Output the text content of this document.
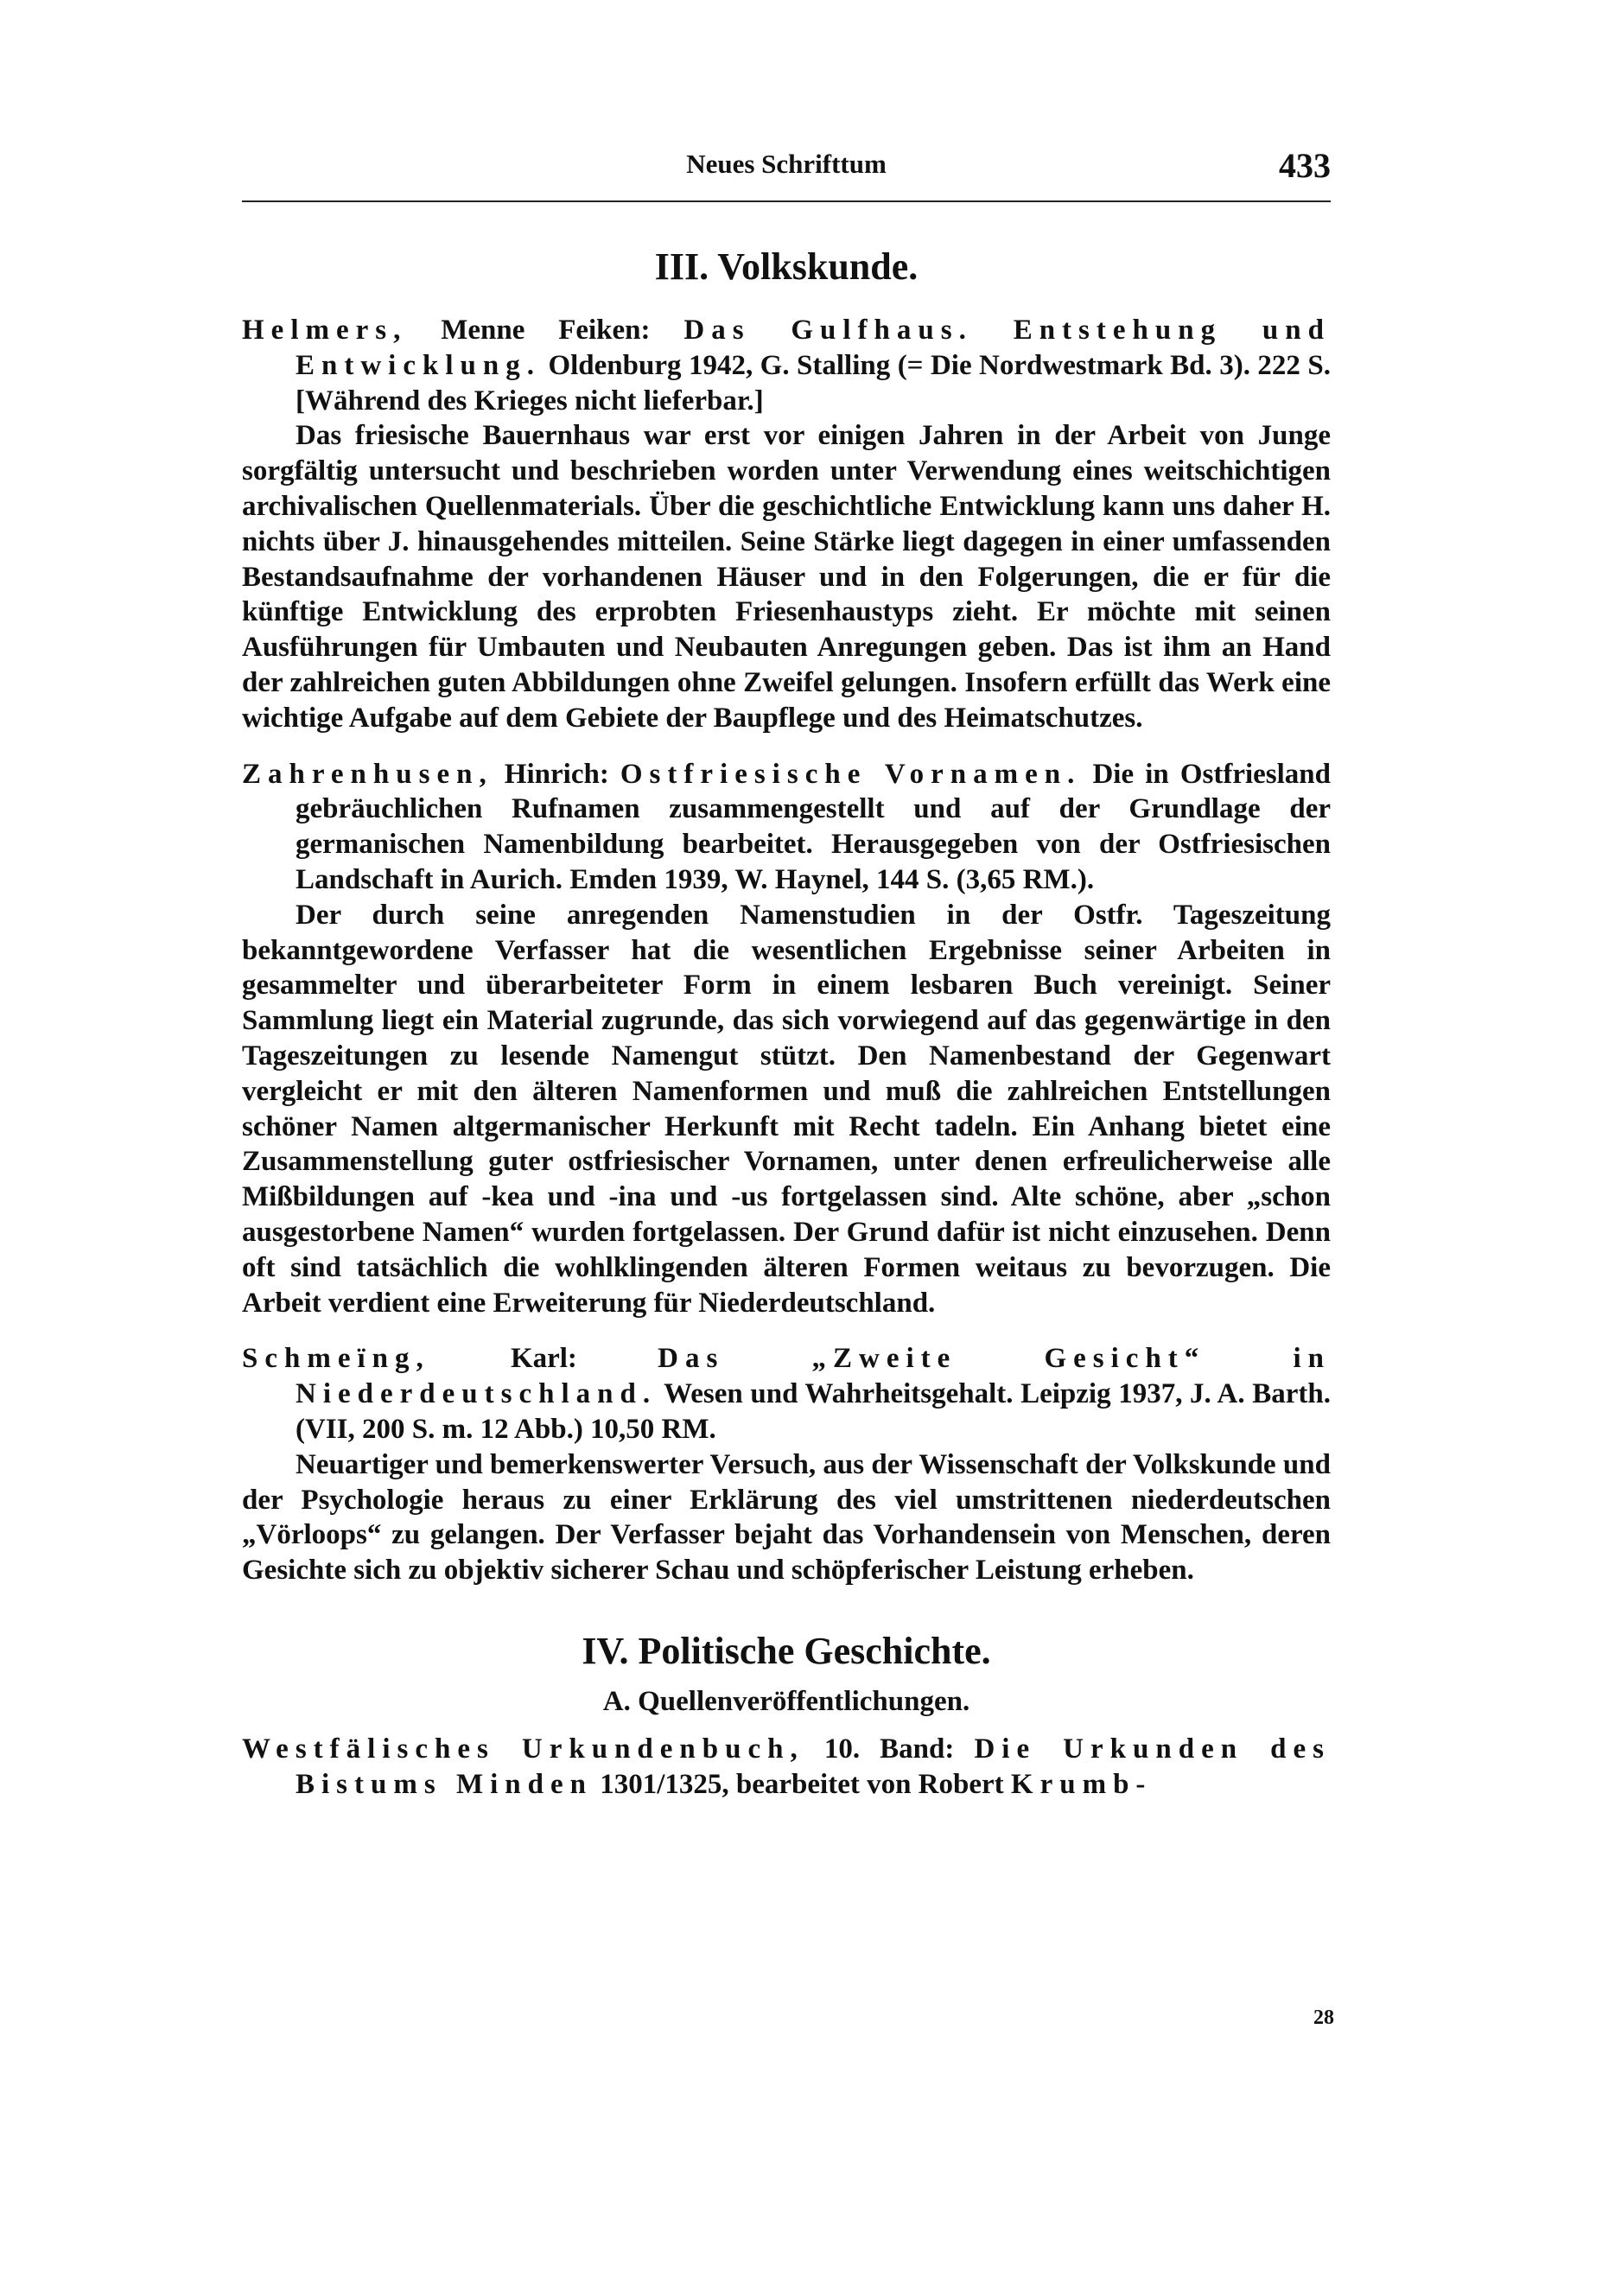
Neues Schrifttum	433
III. Volkskunde.

Helmers, Menne Feiken: Das Gulfhaus. Entstehung und Entwicklung. Oldenburg 1942, G. Stalling (= Die Nordwestmark Bd. 3). 222 S. [Während des Krieges nicht lieferbar.]

Das friesische Bauernhaus war erst vor einigen Jahren in der Arbeit von Junge sorgfältig untersucht und beschrieben worden unter Verwendung eines weitschichtigen archivalischen Quellenmaterials. Über die geschichtliche Entwicklung kann uns daher H. nichts über J. hinausgehendes mitteilen. Seine Stärke liegt dagegen in einer umfassenden Bestandsaufnahme der vorhandenen Häuser und in den Folgerungen, die er für die künftige Entwicklung des erprobten Friesenhaustyps zieht. Er möchte mit seinen Ausführungen für Umbauten und Neubauten Anregungen geben. Das ist ihm an Hand der zahlreichen guten Abbildungen ohne Zweifel gelungen. Insofern erfüllt das Werk eine wichtige Aufgabe auf dem Gebiete der Baupflege und des Heimatschutzes.

Zahrenhusen, Hinrich: Ostfriesische Vornamen. Die in Ostfriesland gebräuchlichen Rufnamen zusammengestellt und auf der Grundlage der germanischen Namenbildung bearbeitet. Herausgegeben von der Ostfriesischen Landschaft in Aurich. Emden 1939, W. Haynel, 144 S. (3,65 RM.).

Der durch seine anregenden Namenstudien in der Ostfr. Tageszeitung bekanntgewordene Verfasser hat die wesentlichen Ergebnisse seiner Arbeiten in gesammelter und überarbeiteter Form in einem lesbaren Buch vereinigt. Seiner Sammlung liegt ein Material zugrunde, das sich vorwiegend auf das gegenwärtige in den Tageszeitungen zu lesende Namengut stützt. Den Namenbestand der Gegenwart vergleicht er mit den älteren Namenformen und muß die zahlreichen Entstellungen schöner Namen altgermanischer Herkunft mit Recht tadeln. Ein Anhang bietet eine Zusammenstellung guter ostfriesischer Vornamen, unter denen erfreulicherweise alle Mißbildungen auf -kea und -ina und -us fortgelassen sind. Alte schöne, aber „schon ausgestorbene Namen“ wurden fortgelassen. Der Grund dafür ist nicht einzusehen. Denn oft sind tatsächlich die wohlklingenden älteren Formen weitaus zu bevorzugen. Die Arbeit verdient eine Erweiterung für Niederdeutschland.

Schmeïng, Karl: Das „Zweite Gesicht“ in Niederdeutschland. Wesen und Wahrheitsgehalt. Leipzig 1937, J. A. Barth. (VII, 200 S. m. 12 Abb.) 10,50 RM.

Neuartiger und bemerkenswerter Versuch, aus der Wissenschaft der Volkskunde und der Psychologie heraus zu einer Erklärung des viel umstrittenen niederdeutschen „Vörloops“ zu gelangen. Der Verfasser bejaht das Vorhandensein von Menschen, deren Gesichte sich zu objektiv sicherer Schau und schöpferischer Leistung erheben.

IV. Politische Geschichte.
A. Quellenveröffentlichungen.

Westfälisches Urkundenbuch, 10. Band: Die Urkunden des Bistums Minden 1301/1325, bearbeitet von Robert Krumb-

28
